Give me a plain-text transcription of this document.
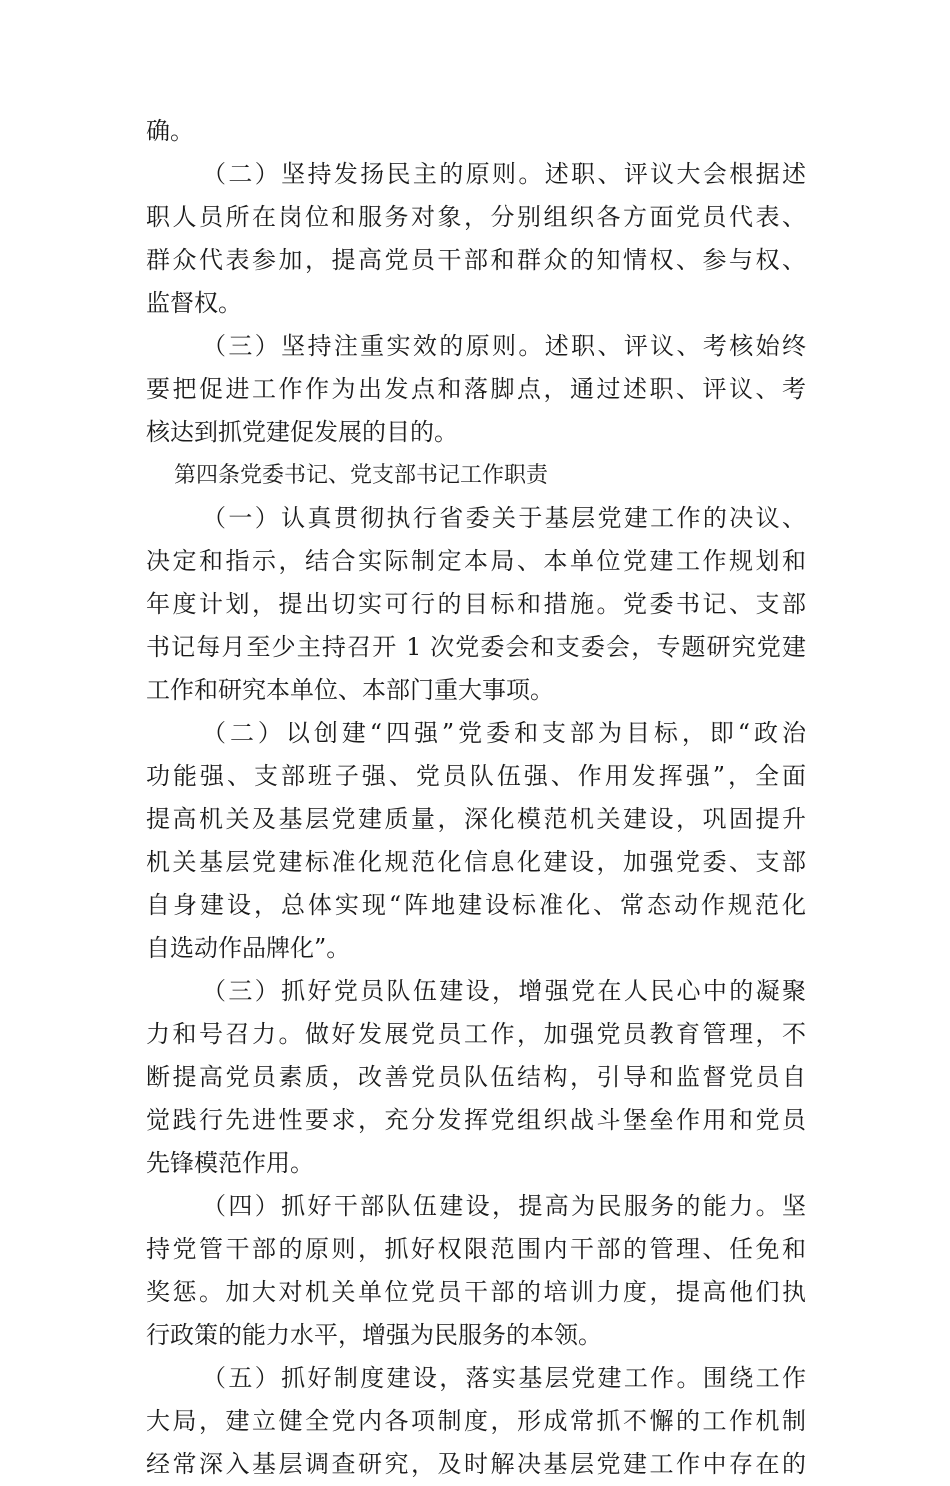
确。
（二）坚持发扬民主的原则。述职、评议大会根据述
职人员所在岗位和服务对象，分别组织各方面党员代表、
群众代表参加，提高党员干部和群众的知情权、参与权、
监督权。
（三）坚持注重实效的原则。述职、评议、考核始终
要把促进工作作为出发点和落脚点，通过述职、评议、考
核达到抓党建促发展的目的。
第四条党委书记、党支部书记工作职责
（一）认真贯彻执行省委关于基层党建工作的决议、
决定和指示，结合实际制定本局、本单位党建工作规划和
年度计划，提出切实可行的目标和措施。党委书记、支部
书记每月至少主持召开 1 次党委会和支委会，专题研究党建
工作和研究本单位、本部门重大事项。
（二）以创建“四强”党委和支部为目标，即“政治
功能强、支部班子强、党员队伍强、作用发挥强”，全面
提高机关及基层党建质量，深化模范机关建设，巩固提升
机关基层党建标准化规范化信息化建设，加强党委、支部
自身建设，总体实现“阵地建设标准化、常态动作规范化
自选动作品牌化”。
（三）抓好党员队伍建设，增强党在人民心中的凝聚
力和号召力。做好发展党员工作，加强党员教育管理，不
断提高党员素质，改善党员队伍结构，引导和监督党员自
觉践行先进性要求，充分发挥党组织战斗堡垒作用和党员
先锋模范作用。
（四）抓好干部队伍建设，提高为民服务的能力。坚
持党管干部的原则，抓好权限范围内干部的管理、任免和
奖惩。加大对机关单位党员干部的培训力度，提高他们执
行政策的能力水平，增强为民服务的本领。
（五）抓好制度建设，落实基层党建工作。围绕工作
大局，建立健全党内各项制度，形成常抓不懈的工作机制
经常深入基层调查研究，及时解决基层党建工作中存在的
